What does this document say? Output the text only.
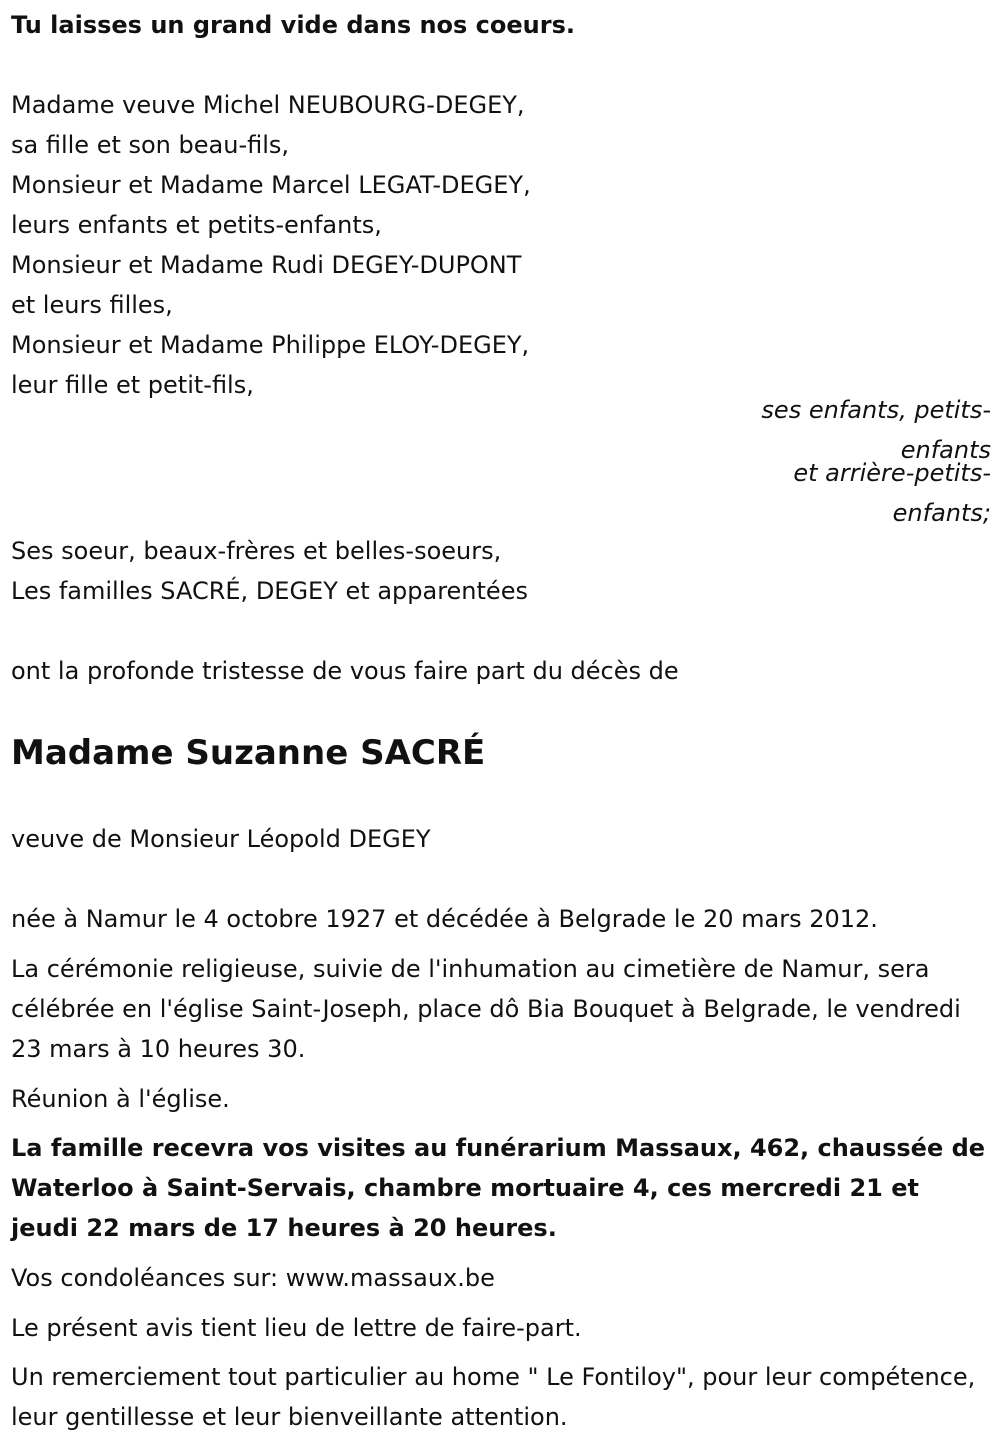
Tu laisses un grand vide dans nos coeurs.
Madame veuve Michel NEUBOURG-DEGEY,
sa fille et son beau-fils,
Monsieur et Madame Marcel LEGAT-DEGEY,
leurs enfants et petits-enfants,
Monsieur et Madame Rudi DEGEY-DUPONT
et leurs filles,
Monsieur et Madame Philippe ELOY-DEGEY,
leur fille et petit-fils,
ses enfants, petits-
enfants
et arrière-petits-
enfants;
Ses soeur, beaux-frères et belles-soeurs,
Les familles SACRÉ, DEGEY et apparentées
ont la profonde tristesse de vous faire part du décès de
Madame Suzanne SACRÉ
veuve de Monsieur Léopold DEGEY
née à Namur le 4 octobre 1927 et décédée à Belgrade le 20 mars 2012.
La cérémonie religieuse, suivie de l'inhumation au cimetière de Namur, sera célébrée en l'église Saint-Joseph, place dô Bia Bouquet à Belgrade, le vendredi 23 mars à 10 heures 30.
Réunion à l'église.
La famille recevra vos visites au funérarium Massaux, 462, chaussée de Waterloo à Saint-Servais, chambre mortuaire 4, ces mercredi 21 et jeudi 22 mars de 17 heures à 20 heures.
Vos condoléances sur: www.massaux.be
Le présent avis tient lieu de lettre de faire-part.
Un remerciement tout particulier au home " Le Fontiloy", pour leur compétence, leur gentillesse et leur bienveillante attention.
